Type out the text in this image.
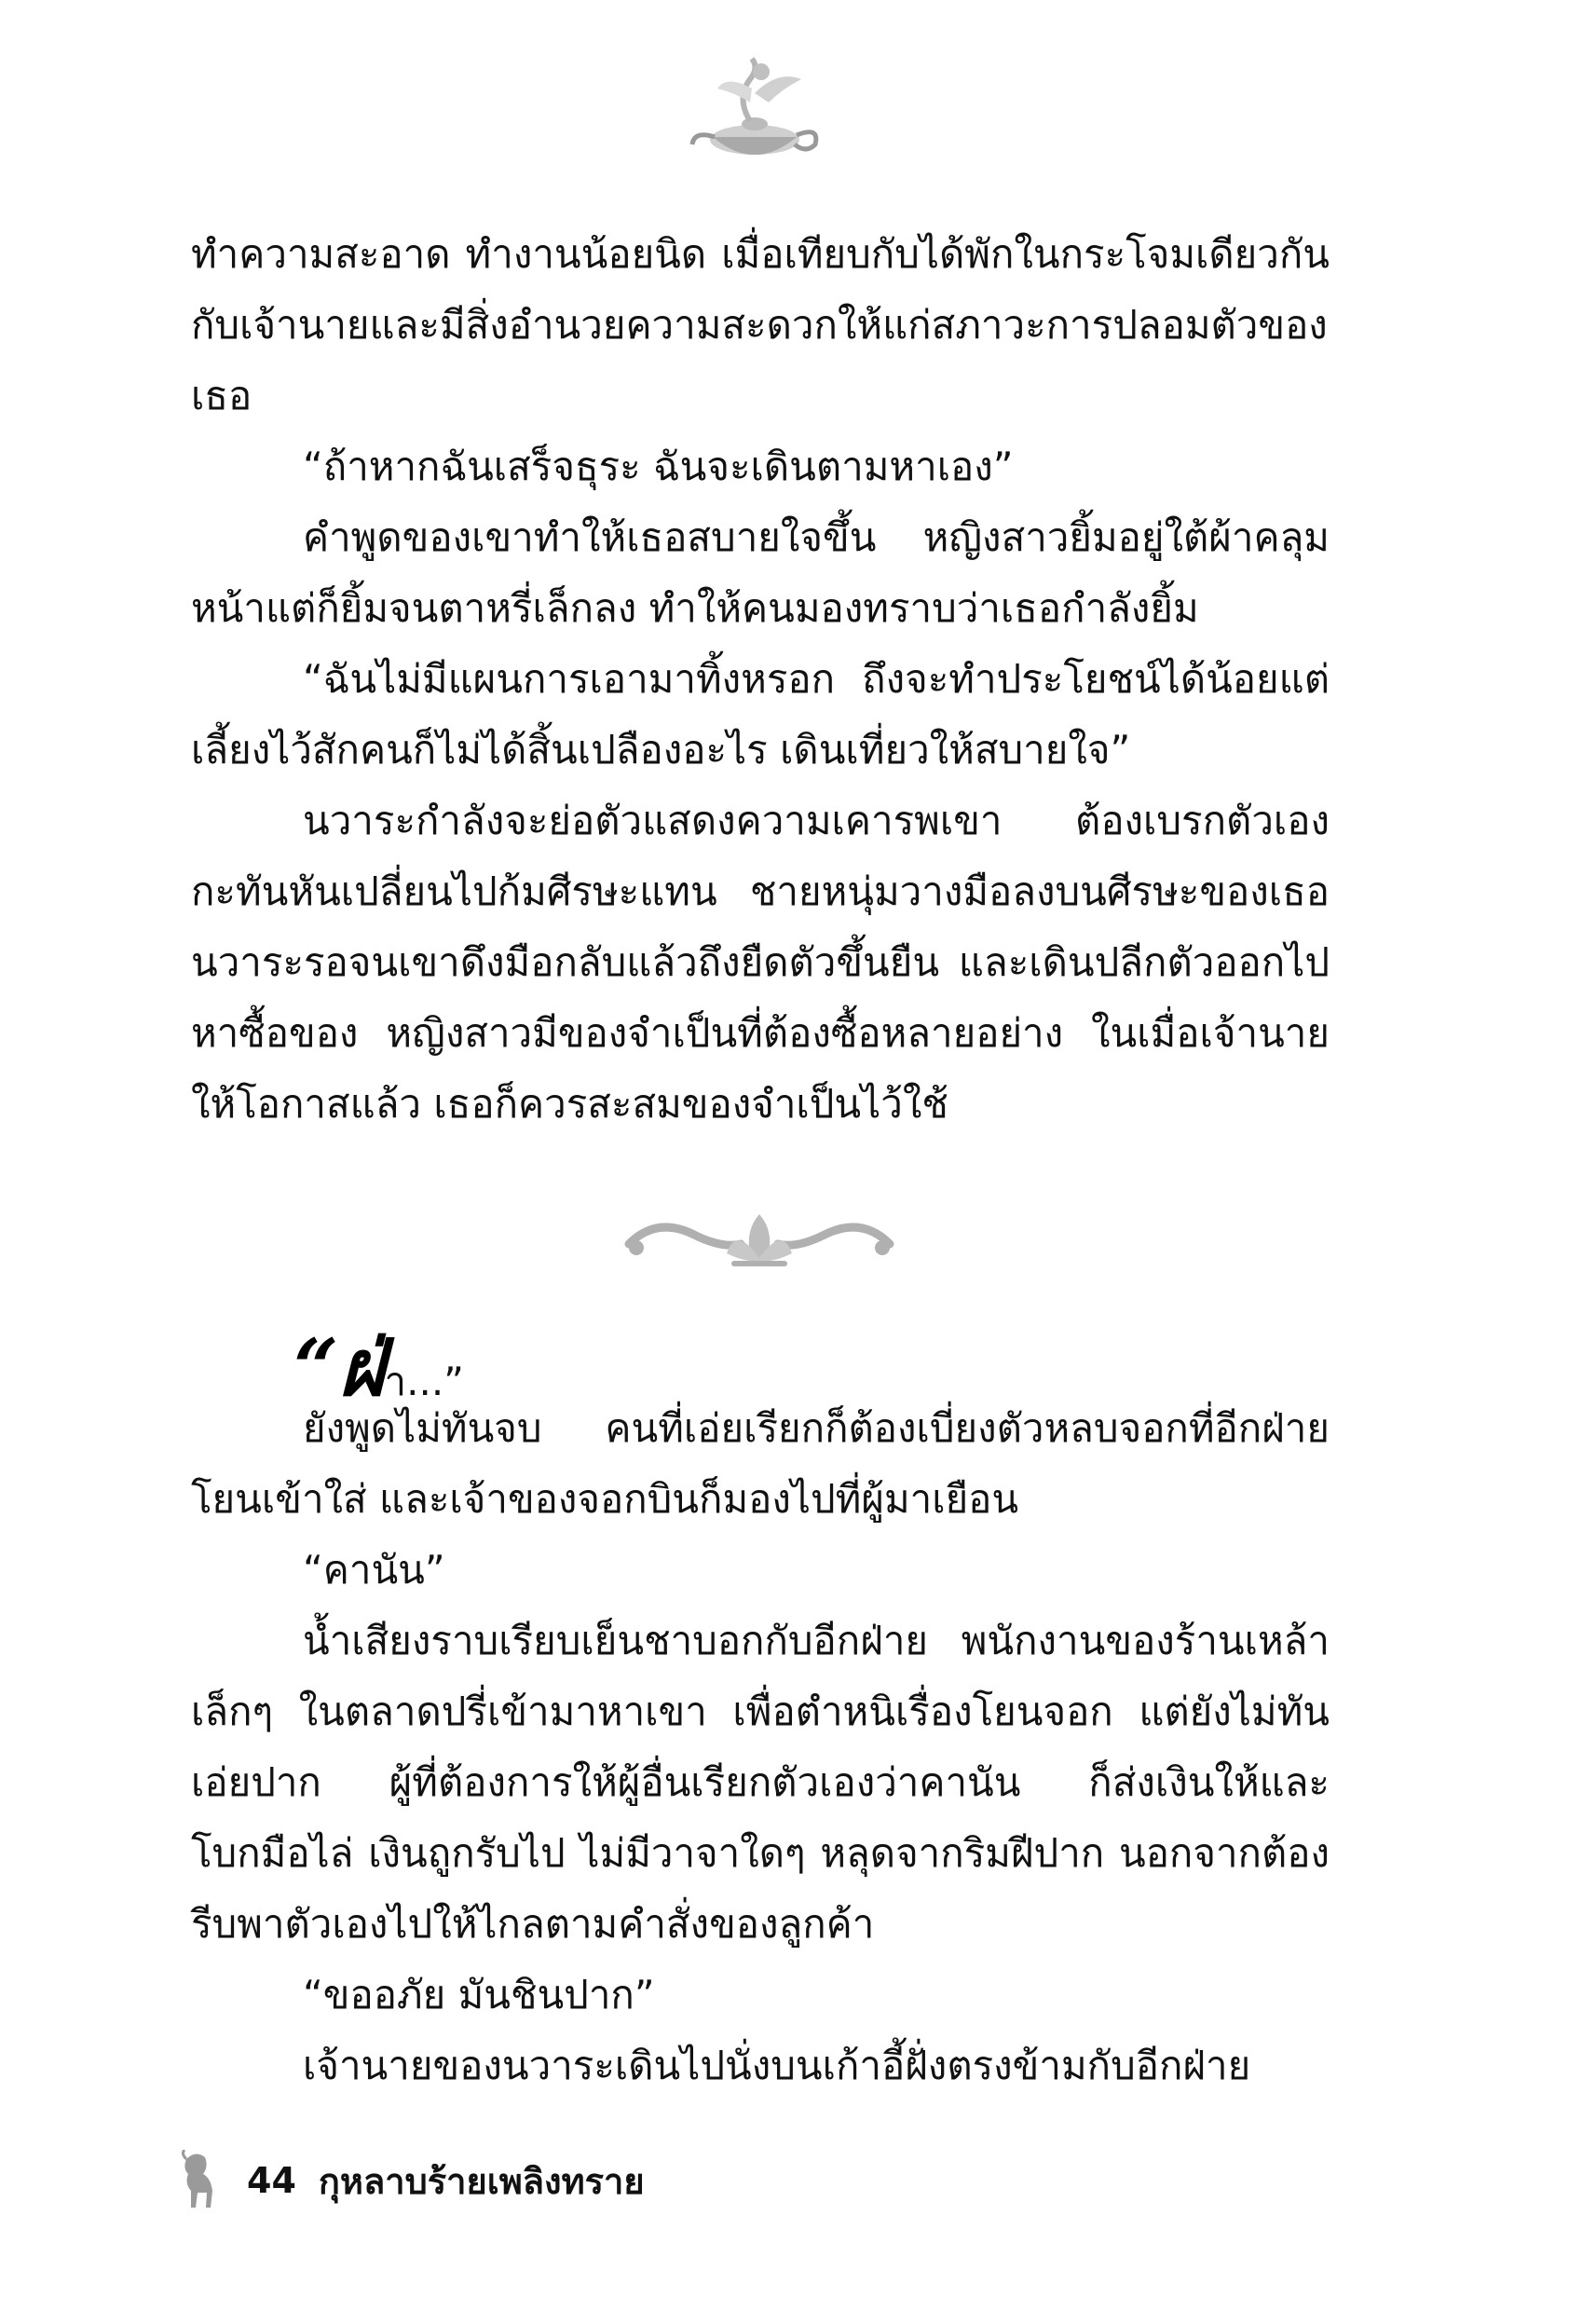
ทำความสะอาด ทำงานน้อยนิด เมื่อเทียบกับได้พักในกระโจมเดียวกันกับเจ้านายและมีสิ่งอำนวยความสะดวกให้แก่สภาวะการปลอมตัวของเธอ

“ถ้าหากฉันเสร็จธุระ ฉันจะเดินตามหาเอง”

คำพูดของเขาทำให้เธอสบายใจขึ้น หญิงสาวยิ้มอยู่ใต้ผ้าคลุมหน้าแต่ก็ยิ้มจนตาหรี่เล็กลง ทำให้คนมองทราบว่าเธอกำลังยิ้ม

“ฉันไม่มีแผนการเอามาทิ้งหรอก ถึงจะทำประโยชน์ได้น้อยแต่เลี้ยงไว้สักคนก็ไม่ได้สิ้นเปลืองอะไร เดินเที่ยวให้สบายใจ”

นวาระกำลังจะย่อตัวแสดงความเคารพเขา ต้องเบรกตัวเองกะทันหันเปลี่ยนไปก้มศีรษะแทน ชายหนุ่มวางมือลงบนศีรษะของเธอนวาระรอจนเขาดึงมือกลับแล้วถึงยืดตัวขึ้นยืน และเดินปลีกตัวออกไปหาซื้อของ หญิงสาวมีของจำเป็นที่ต้องซื้อหลายอย่าง ในเมื่อเจ้านายให้โอกาสแล้ว เธอก็ควรสะสมของจำเป็นไว้ใช้

“ฝ่า...”

ยังพูดไม่ทันจบ คนที่เอ่ยเรียกก็ต้องเบี่ยงตัวหลบจอกที่อีกฝ่ายโยนเข้าใส่ และเจ้าของจอกบินก็มองไปที่ผู้มาเยือน

“คานัน”

น้ำเสียงราบเรียบเย็นชาบอกกับอีกฝ่าย พนักงานของร้านเหล้าเล็กๆ ในตลาดปรี่เข้ามาหาเขา เพื่อตำหนิเรื่องโยนจอก แต่ยังไม่ทันเอ่ยปาก ผู้ที่ต้องการให้ผู้อื่นเรียกตัวเองว่าคานัน ก็ส่งเงินให้และโบกมือไล่ เงินถูกรับไป ไม่มีวาจาใดๆ หลุดจากริมฝีปาก นอกจากต้องรีบพาตัวเองไปให้ไกลตามคำสั่งของลูกค้า

“ขออภัย มันชินปาก”

เจ้านายของนวาระเดินไปนั่งบนเก้าอี้ฝั่งตรงข้ามกับอีกฝ่าย

44 กุหลาบร้ายเพลิงทราย
